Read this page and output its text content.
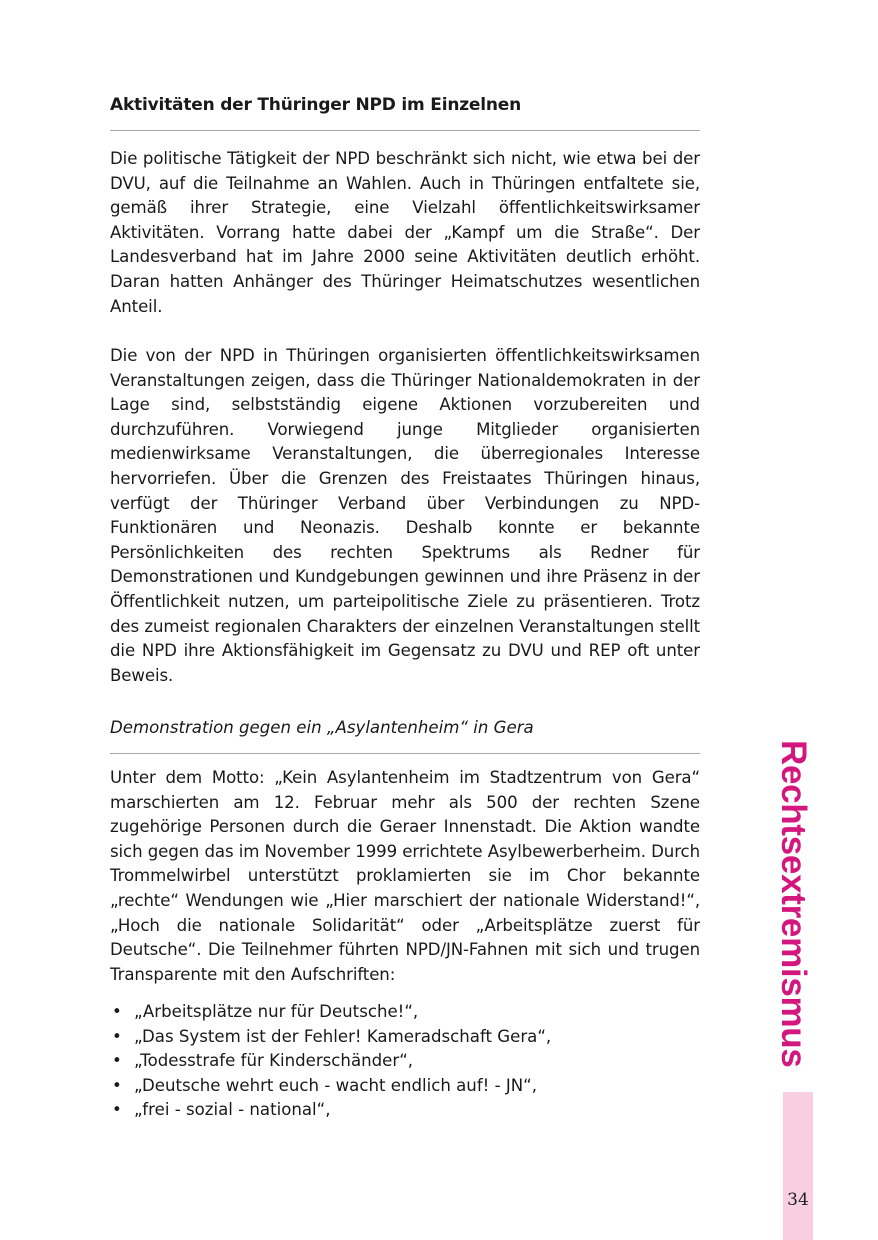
Aktivitäten der Thüringer NPD im Einzelnen

Die politische Tätigkeit der NPD beschränkt sich nicht, wie etwa bei der DVU, auf die Teilnahme an Wahlen. Auch in Thüringen entfaltete sie, gemäß ihrer Strategie, eine Vielzahl öffentlichkeitswirksamer Aktivitäten. Vorrang hatte dabei der „Kampf um die Straße“. Der Landesverband hat im Jahre 2000 seine Aktivitäten deutlich erhöht. Daran hatten Anhänger des Thüringer Heimatschutzes wesentlichen Anteil.

Die von der NPD in Thüringen organisierten öffentlichkeitswirksamen Veranstaltungen zeigen, dass die Thüringer Nationaldemokraten in der Lage sind, selbstständig eigene Aktionen vorzubereiten und durchzuführen. Vorwiegend junge Mitglieder organisierten medienwirksame Veranstaltungen, die überregionales Interesse hervorriefen. Über die Grenzen des Freistaates Thüringen hinaus, verfügt der Thüringer Verband über Verbindungen zu NPD-Funktionären und Neonazis. Deshalb konnte er bekannte Persönlichkeiten des rechten Spektrums als Redner für Demonstrationen und Kundgebungen gewinnen und ihre Präsenz in der Öffentlichkeit nutzen, um parteipolitische Ziele zu präsentieren. Trotz des zumeist regionalen Charakters der einzelnen Veranstaltungen stellt die NPD ihre Aktionsfähigkeit im Gegensatz zu DVU und REP oft unter Beweis.

Demonstration gegen ein „Asylantenheim“ in Gera

Unter dem Motto: „Kein Asylantenheim im Stadtzentrum von Gera“ marschierten am 12. Februar mehr als 500 der rechten Szene zugehörige Personen durch die Geraer Innenstadt. Die Aktion wandte sich gegen das im November 1999 errichtete Asylbewerberheim. Durch Trommelwirbel unterstützt proklamierten sie im Chor bekannte „rechte“ Wendungen wie „Hier marschiert der nationale Widerstand!“, „Hoch die nationale Solidarität“ oder „Arbeitsplätze zuerst für Deutsche“. Die Teilnehmer führten NPD/JN-Fahnen mit sich und trugen Transparente mit den Aufschriften:

• „Arbeitsplätze nur für Deutsche!“,
• „Das System ist der Fehler! Kameradschaft Gera“,
• „Todesstrafe für Kinderschänder“,
• „Deutsche wehrt euch - wacht endlich auf! - JN“,
• „frei - sozial - national“,
Rechtsextremismus
34
